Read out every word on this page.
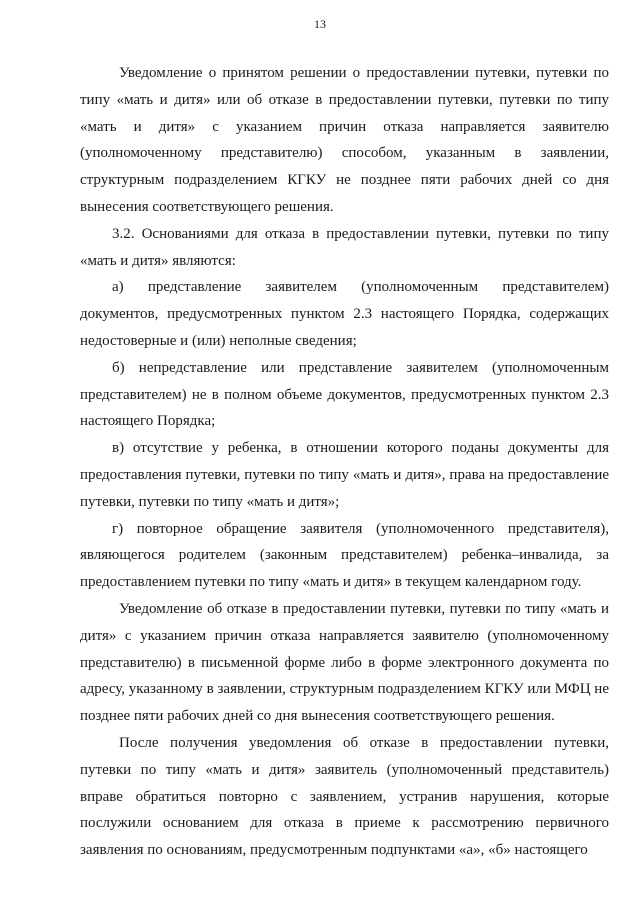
13

Уведомление о принятом решении о предоставлении путевки, путевки по типу «мать и дитя» или об отказе в предоставлении путевки, путевки по типу «мать и дитя» с указанием причин отказа направляется заявителю (уполномоченному представителю) способом, указанным в заявлении, структурным подразделением КГКУ не позднее пяти рабочих дней со дня вынесения соответствующего решения.

3.2. Основаниями для отказа в предоставлении путевки, путевки по типу «мать и дитя» являются:

а) представление заявителем (уполномоченным представителем) документов, предусмотренных пунктом 2.3 настоящего Порядка, содержащих недостоверные и (или) неполные сведения;

б) непредставление или представление заявителем (уполномоченным представителем) не в полном объеме документов, предусмотренных пунктом 2.3 настоящего Порядка;

в) отсутствие у ребенка, в отношении которого поданы документы для предоставления путевки, путевки по типу «мать и дитя», права на предоставление путевки, путевки по типу «мать и дитя»;

г) повторное обращение заявителя (уполномоченного представителя), являющегося родителем (законным представителем) ребенка–инвалида, за предоставлением путевки по типу «мать и дитя» в текущем календарном году.

Уведомление об отказе в предоставлении путевки, путевки по типу «мать и дитя» с указанием причин отказа направляется заявителю (уполномоченному представителю) в письменной форме либо в форме электронного документа по адресу, указанному в заявлении, структурным подразделением КГКУ или МФЦ не позднее пяти рабочих дней со дня вынесения соответствующего решения.

После получения уведомления об отказе в предоставлении путевки, путевки по типу «мать и дитя» заявитель (уполномоченный представитель) вправе обратиться повторно с заявлением, устранив нарушения, которые послужили основанием для отказа в приеме к рассмотрению первичного заявления по основаниям, предусмотренным подпунктами «а», «б» настоящего
